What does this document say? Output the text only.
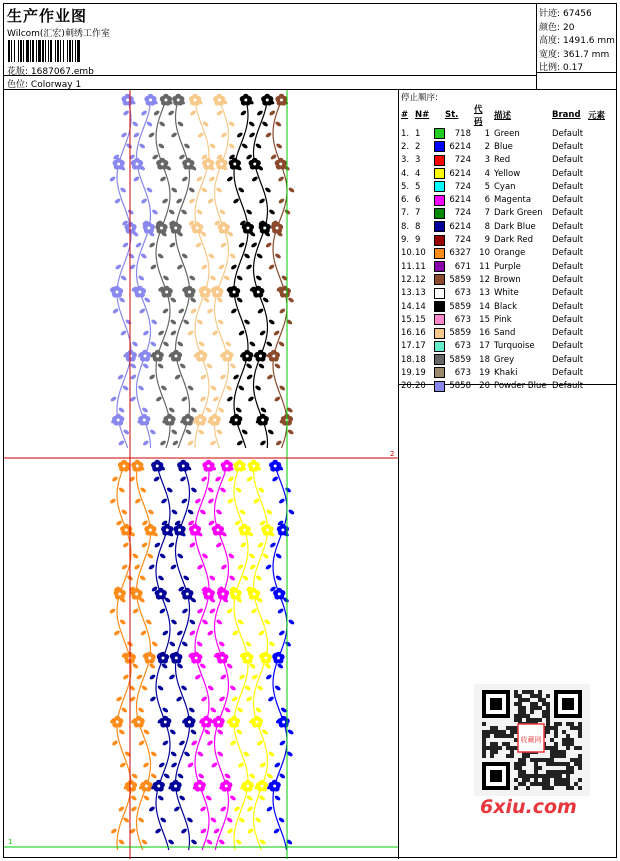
生产作业图
Wilcom(汇宏)刺绣工作室
花版: 1687067.emb
色位: Colorway 1
针迹: 67456
颜色: 20
高度: 1491.6 mm
宽度: 361.7 mm
比例: 0.17
1
2
停止顺序:
#	N#		St.	代码	描述	Brand	元素
1.	1		718	1	Green	Default	
2.	2		6214	2	Blue	Default	
3.	3		724	3	Red	Default	
4.	4		6214	4	Yellow	Default	
5.	5		724	5	Cyan	Default	
6.	6		6214	6	Magenta	Default	
7.	7		724	7	Dark Green	Default	
8.	8		6214	8	Dark Blue	Default	
9.	9		724	9	Dark Red	Default	
10.	10		6327	10	Orange	Default	
11.	11		671	11	Purple	Default	
12.	12		5859	12	Brown	Default	
13.	13		673	13	White	Default	
14.	14		5859	14	Black	Default	
15.	15		673	15	Pink	Default	
16.	16		5859	16	Sand	Default	
17.	17		673	17	Turquoise	Default	
18.	18		5859	18	Grey	Default	
19.	19		673	19	Khaki	Default	
20.	20		5858	20	Powder Blue	Default	
收藏网
6xiu.com
